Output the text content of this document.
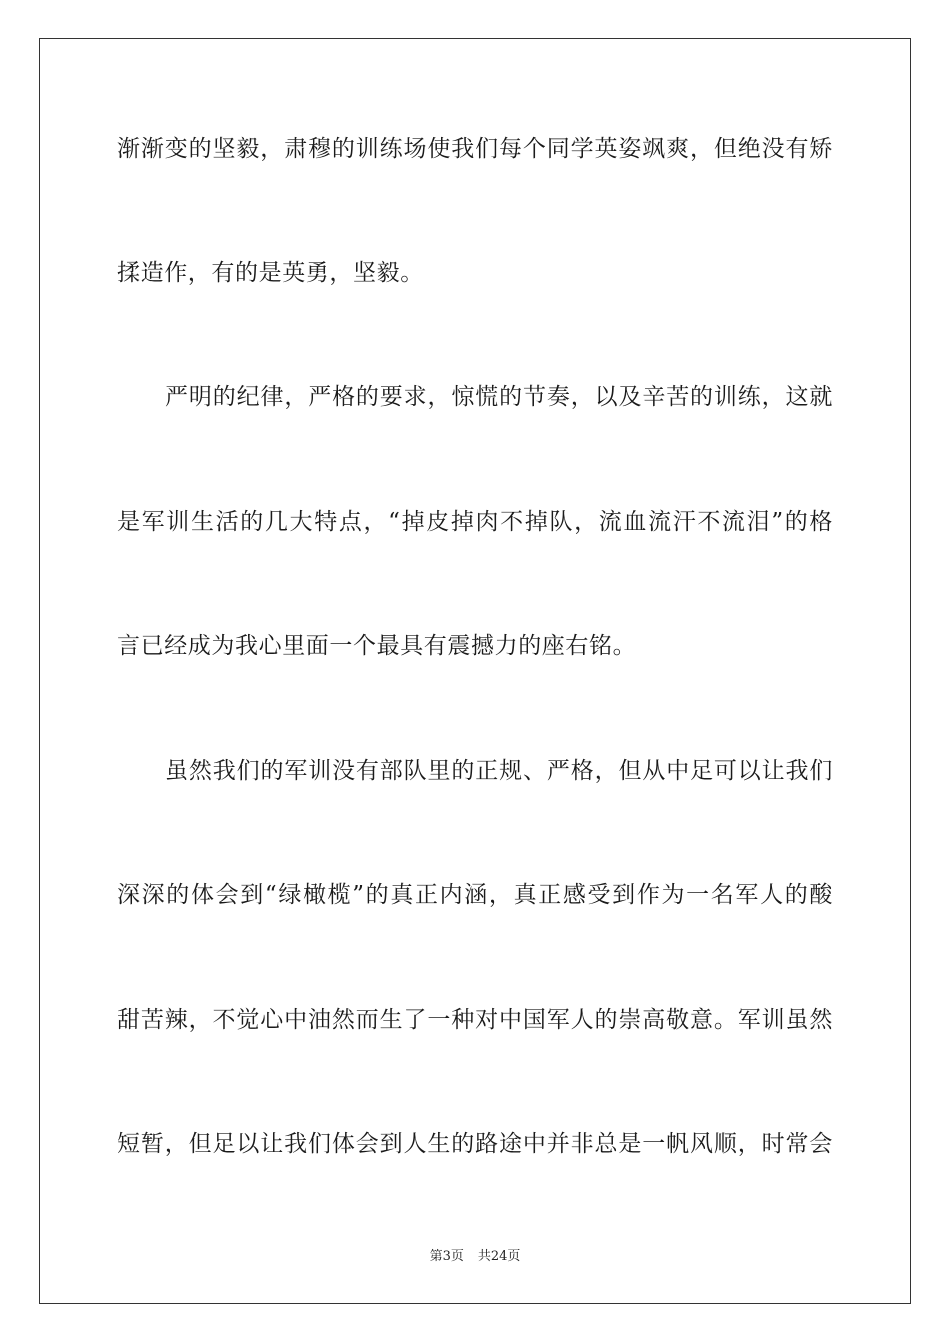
渐渐变的坚毅，肃穆的训练场使我们每个同学英姿飒爽，但绝没有矫
揉造作，有的是英勇，坚毅。
严明的纪律，严格的要求，惊慌的节奏，以及辛苦的训练，这就
是军训生活的几大特点，“掉皮掉肉不掉队，流血流汗不流泪”的格
言已经成为我心里面一个最具有震撼力的座右铭。
虽然我们的军训没有部队里的正规、严格，但从中足可以让我们
深深的体会到“绿橄榄”的真正内涵，真正感受到作为一名军人的酸
甜苦辣，不觉心中油然而生了一种对中国军人的崇高敬意。军训虽然
短暂，但足以让我们体会到人生的路途中并非总是一帆风顺，时常会
第3页 共24页
